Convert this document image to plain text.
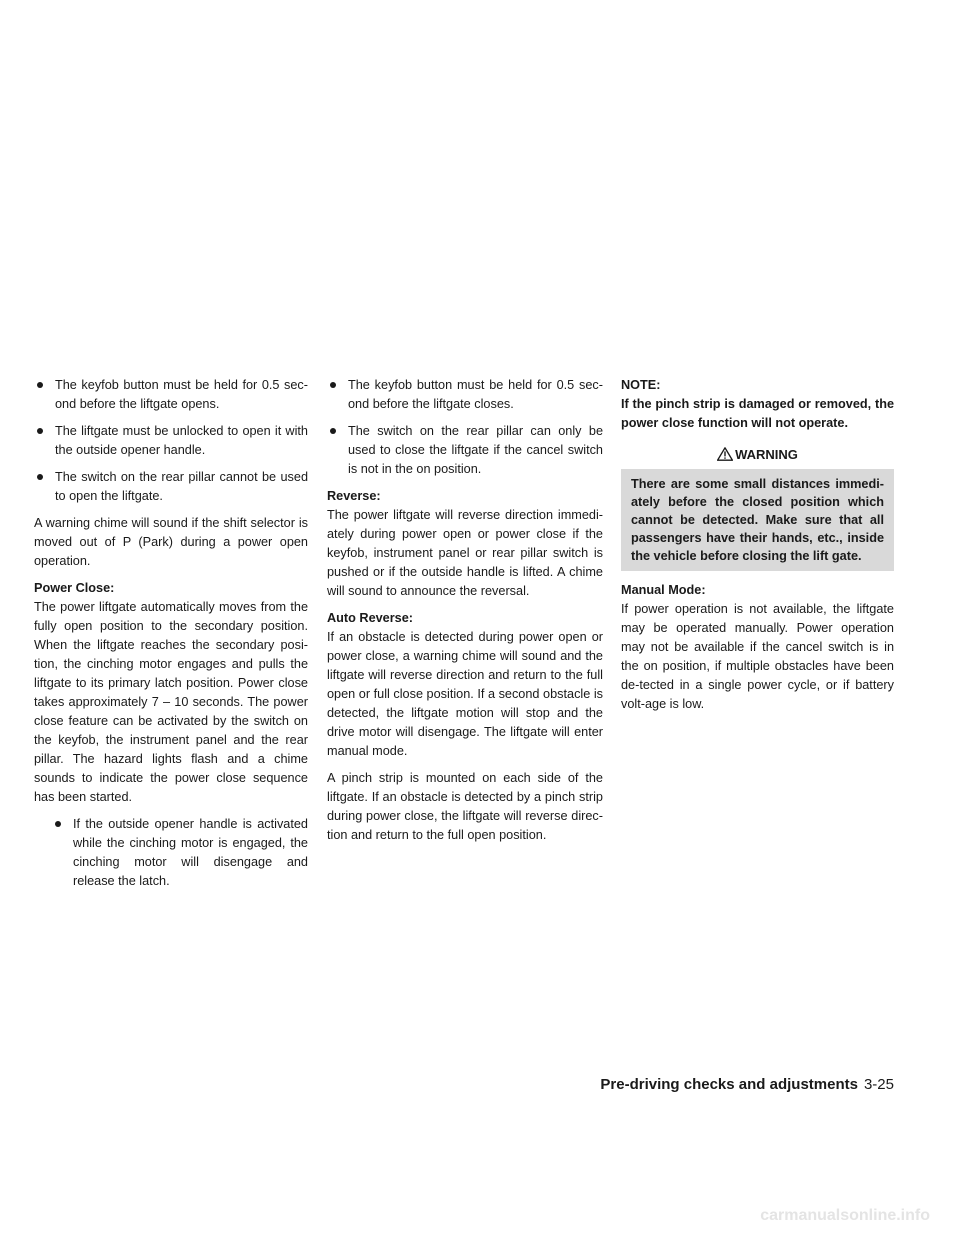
The keyfob button must be held for 0.5 sec-ond before the liftgate opens.
The liftgate must be unlocked to open it with the outside opener handle.
The switch on the rear pillar cannot be used to open the liftgate.

A warning chime will sound if the shift selector is moved out of P (Park) during a power open operation.

Power Close:

The power liftgate automatically moves from the fully open position to the secondary position. When the liftgate reaches the secondary posi-tion, the cinching motor engages and pulls the liftgate to its primary latch position. Power close takes approximately 7 – 10 seconds. The power close feature can be activated by the switch on the keyfob, the instrument panel and the rear pillar. The hazard lights flash and a chime sounds to indicate the power close sequence has been started.

If the outside opener handle is activated while the cinching motor is engaged, the cinching motor will disengage and release the latch.
The keyfob button must be held for 0.5 sec-ond before the liftgate closes.
The switch on the rear pillar can only be used to close the liftgate if the cancel switch is not in the on position.
Reverse:

The power liftgate will reverse direction immedi-ately during power open or power close if the keyfob, instrument panel or rear pillar switch is pushed or if the outside handle is lifted. A chime will sound to announce the reversal.

Auto Reverse:

If an obstacle is detected during power open or power close, a warning chime will sound and the liftgate will reverse direction and return to the full open or full close position. If a second obstacle is detected, the liftgate motion will stop and the drive motor will disengage. The liftgate will enter manual mode.

A pinch strip is mounted on each side of the liftgate. If an obstacle is detected by a pinch strip during power close, the liftgate will reverse direc-tion and return to the full open position.

NOTE:

If the pinch strip is damaged or removed, the power close function will not operate.

WARNING
There are some small distances immedi-ately before the closed position which cannot be detected. Make sure that all passengers have their hands, etc., inside the vehicle before closing the lift gate.
Manual Mode:

If power operation is not available, the liftgate may be operated manually. Power operation may not be available if the cancel switch is in the on position, if multiple obstacles have been de-tected in a single power cycle, or if battery volt-age is low.

Pre-driving checks and adjustments 3-25
carmanualsonline.info
